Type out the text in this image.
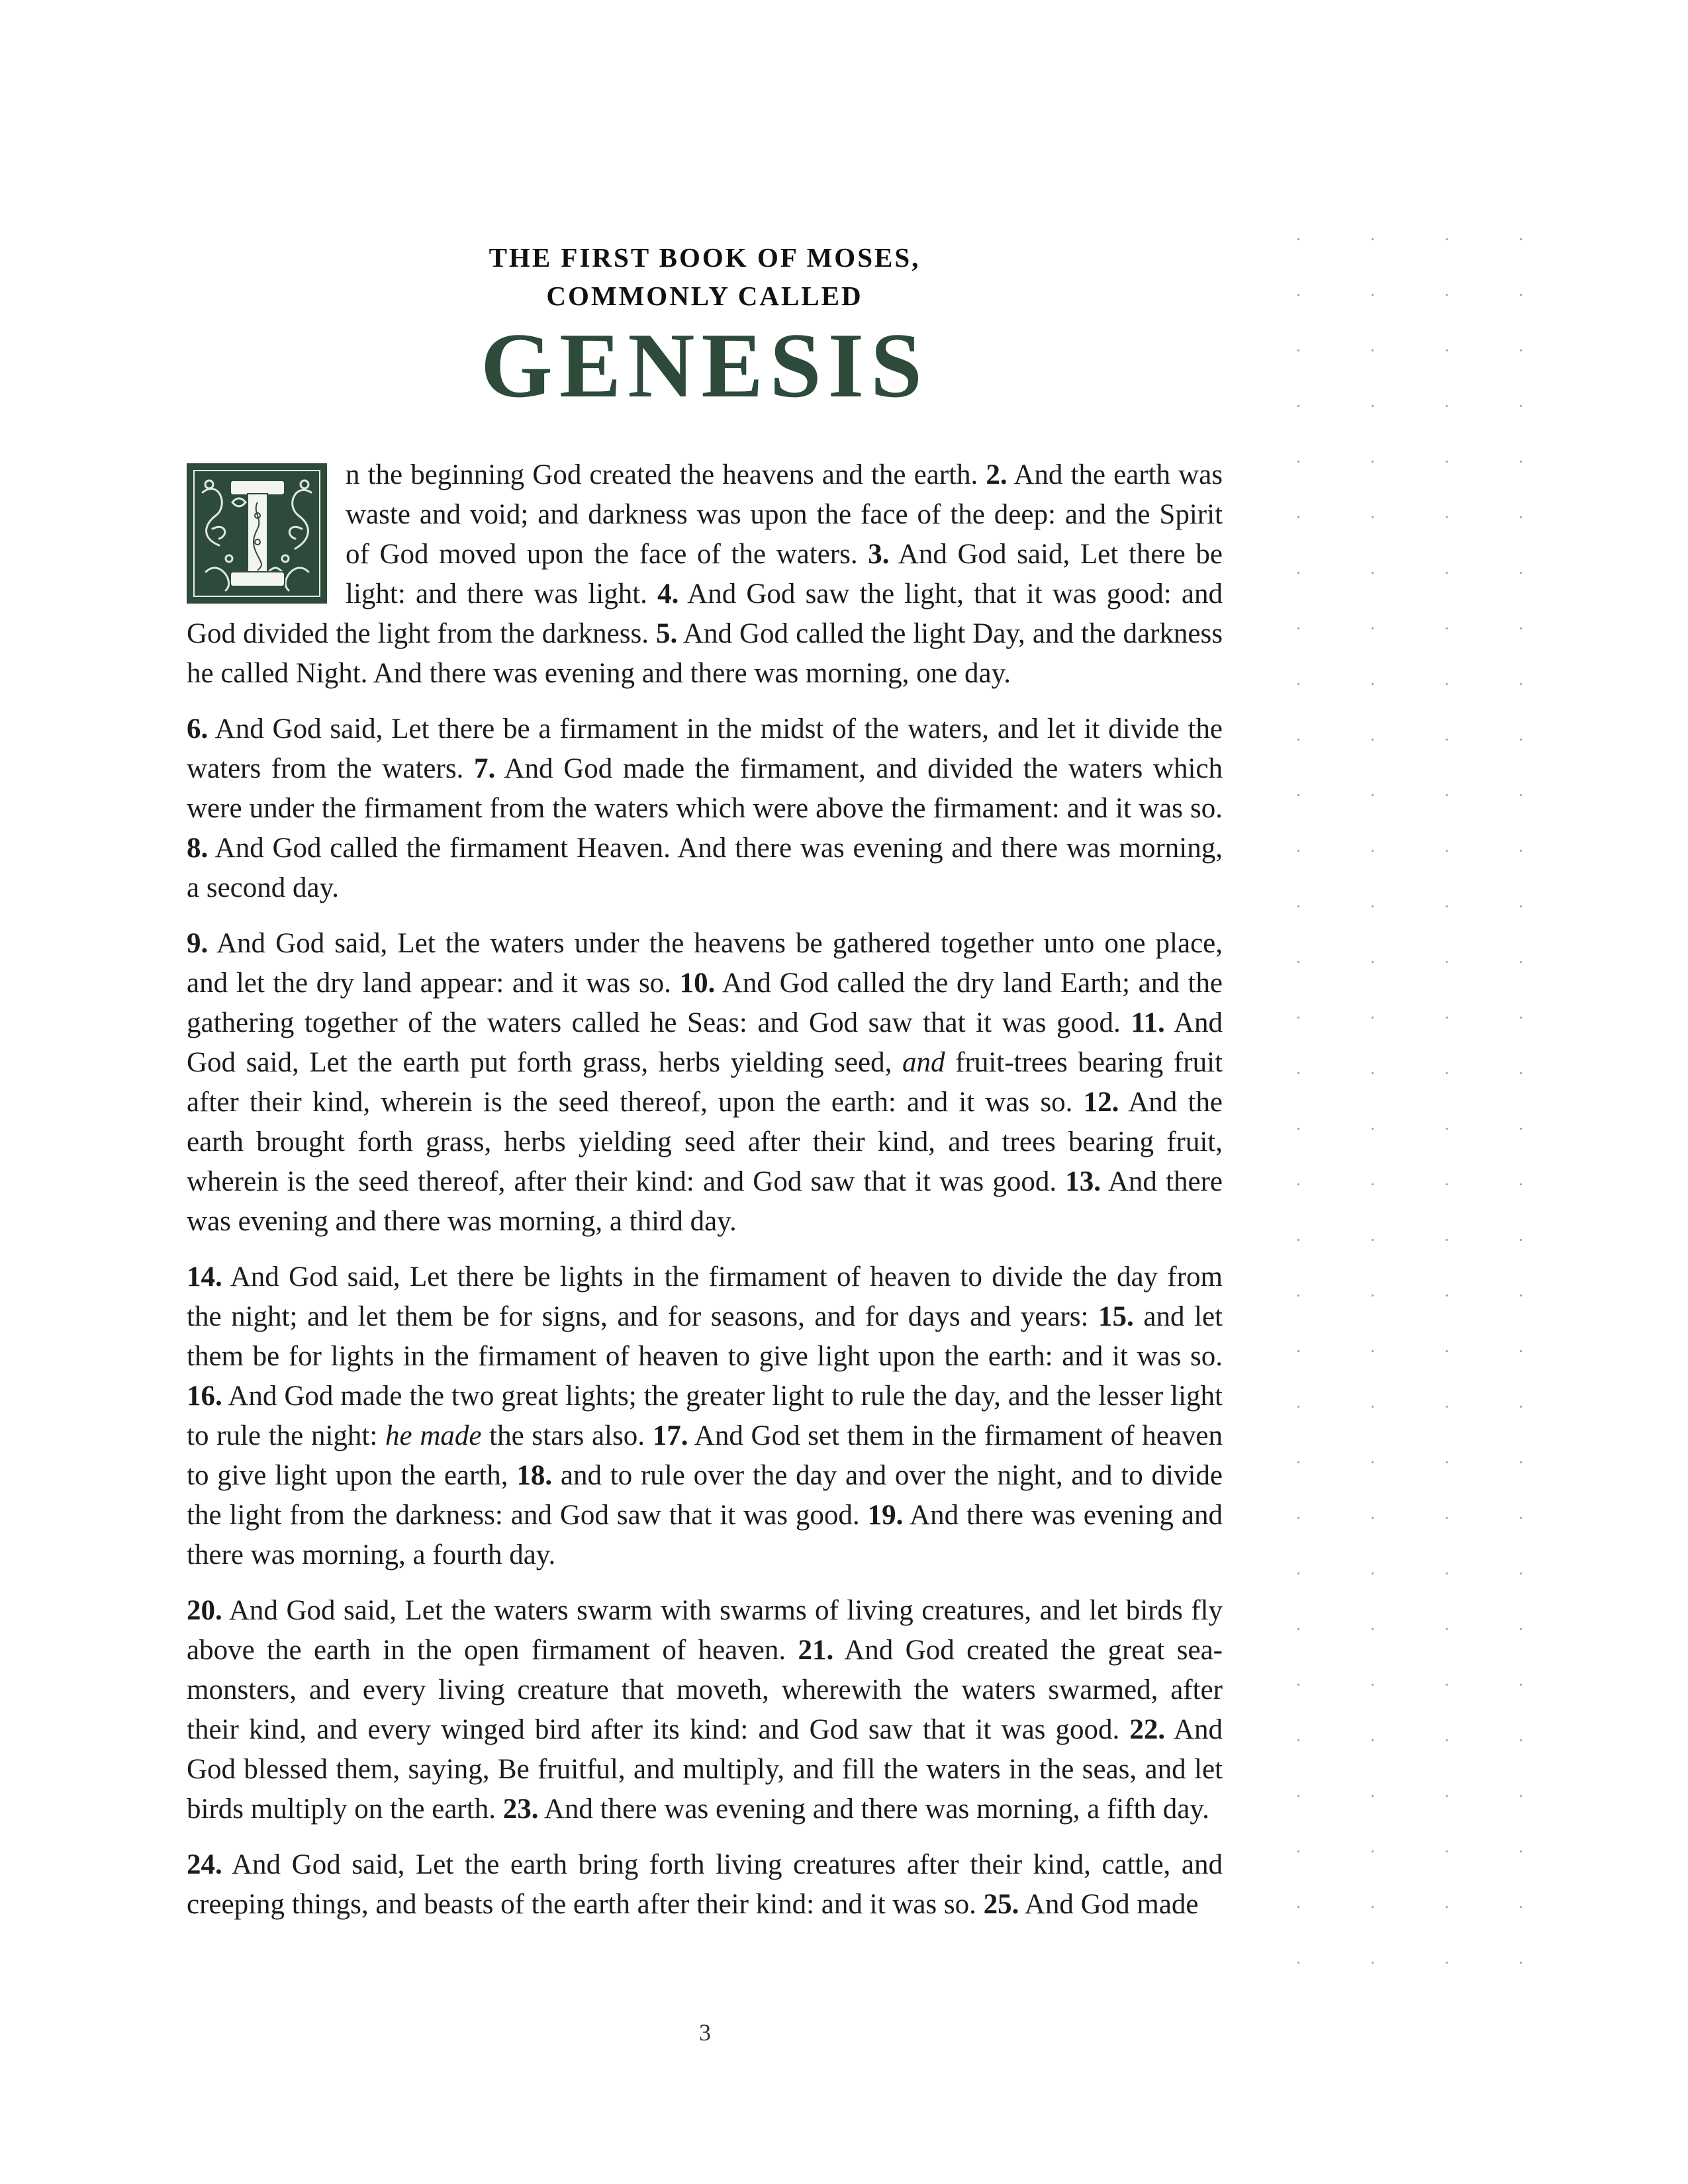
THE FIRST BOOK OF MOSES,
COMMONLY CALLED
GENESIS

n the beginning God created the heavens and the earth. 2. And the earth was waste and void; and darkness was upon the face of the deep: and the Spirit of God moved upon the face of the waters. 3. And God said, Let there be light: and there was light. 4. And God saw the light, that it was good: and God divided the light from the darkness. 5. And God called the light Day, and the darkness he called Night. And there was evening and there was morning, one day.

6. And God said, Let there be a firmament in the midst of the waters, and let it divide the waters from the waters. 7. And God made the firmament, and divided the waters which were under the firmament from the waters which were above the firmament: and it was so. 8. And God called the firmament Heaven. And there was evening and there was morning, a second day.

9. And God said, Let the waters under the heavens be gathered together unto one place, and let the dry land appear: and it was so. 10. And God called the dry land Earth; and the gathering together of the waters called he Seas: and God saw that it was good. 11. And God said, Let the earth put forth grass, herbs yielding seed, and fruit-trees bearing fruit after their kind, wherein is the seed thereof, upon the earth: and it was so. 12. And the earth brought forth grass, herbs yielding seed after their kind, and trees bearing fruit, wherein is the seed thereof, after their kind: and God saw that it was good. 13. And there was evening and there was morning, a third day.

14. And God said, Let there be lights in the firmament of heaven to divide the day from the night; and let them be for signs, and for seasons, and for days and years: 15. and let them be for lights in the firmament of heaven to give light upon the earth: and it was so. 16. And God made the two great lights; the greater light to rule the day, and the lesser light to rule the night: he made the stars also. 17. And God set them in the firmament of heaven to give light upon the earth, 18. and to rule over the day and over the night, and to divide the light from the darkness: and God saw that it was good. 19. And there was evening and there was morning, a fourth day.

20. And God said, Let the waters swarm with swarms of living creatures, and let birds fly above the earth in the open firmament of heaven. 21. And God created the great sea-monsters, and every living creature that moveth, wherewith the waters swarmed, after their kind, and every winged bird after its kind: and God saw that it was good. 22. And God blessed them, saying, Be fruitful, and multiply, and fill the waters in the seas, and let birds multiply on the earth. 23. And there was evening and there was morning, a fifth day.

24. And God said, Let the earth bring forth living creatures after their kind, cattle, and creeping things, and beasts of the earth after their kind: and it was so. 25. And God made

3
